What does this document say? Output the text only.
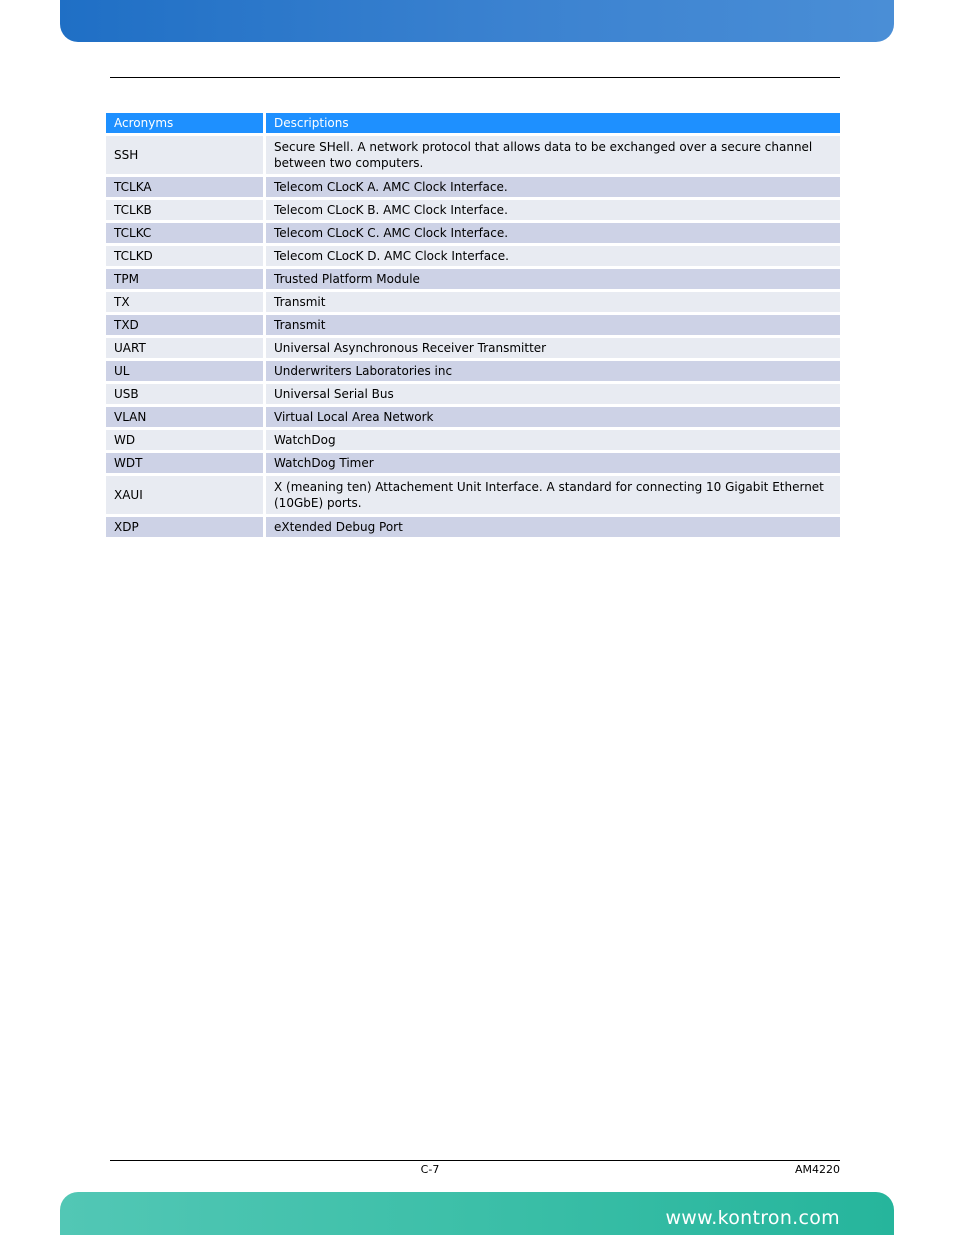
Acronyms	Descriptions
SSH	Secure SHell. A network protocol that allows data to be exchanged over a secure channel between two computers.
TCLKA	Telecom CLocK A. AMC Clock Interface.
TCLKB	Telecom CLocK B. AMC Clock Interface.
TCLKC	Telecom CLocK C. AMC Clock Interface.
TCLKD	Telecom CLocK D. AMC Clock Interface.
TPM	Trusted Platform Module
TX	Transmit
TXD	Transmit
UART	Universal Asynchronous Receiver Transmitter
UL	Underwriters Laboratories inc
USB	Universal Serial Bus
VLAN	Virtual Local Area Network
WD	WatchDog
WDT	WatchDog Timer
XAUI	X (meaning ten) Attachement Unit Interface. A standard for connecting 10 Gigabit Ethernet (10GbE) ports.
XDP	eXtended Debug Port
C-7	AM4220
www.kontron.com
